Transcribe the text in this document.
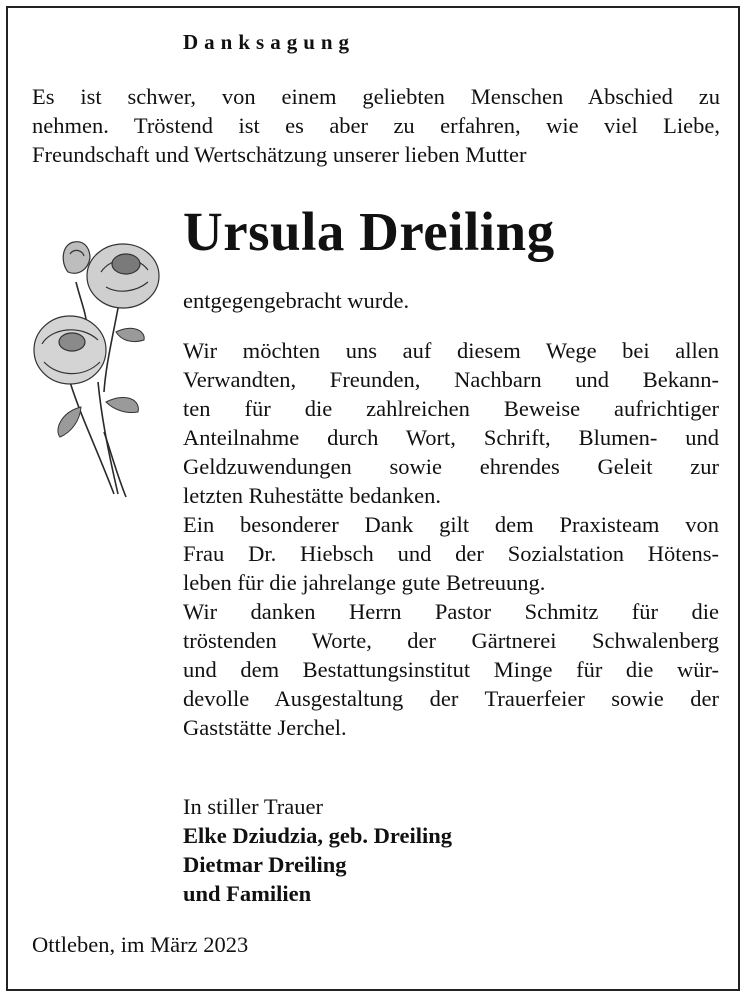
Danksagung
Es ist schwer, von einem geliebten Menschen Abschied zu
nehmen. Tröstend ist es aber zu erfahren, wie viel Liebe,
Freundschaft und Wertschätzung unserer lieben Mutter
Ursula Dreiling
entgegengebracht wurde.
Wir möchten uns auf diesem Wege bei allen
Verwandten, Freunden, Nachbarn und Bekann-
ten für die zahlreichen Beweise aufrichtiger
Anteilnahme durch Wort, Schrift, Blumen- und
Geldzuwendungen sowie ehrendes Geleit zur
letzten Ruhestätte bedanken.
Ein besonderer Dank gilt dem Praxisteam von
Frau Dr. Hiebsch und der Sozialstation Hötens-
leben für die jahrelange gute Betreuung.
Wir danken Herrn Pastor Schmitz für die
tröstenden Worte, der Gärtnerei Schwalenberg
und dem Bestattungsinstitut Minge für die wür-
devolle Ausgestaltung der Trauerfeier sowie der
Gaststätte Jerchel.
In stiller Trauer
Elke Dziudzia, geb. Dreiling
Dietmar Dreiling
und Familien
Ottleben, im März 2023
